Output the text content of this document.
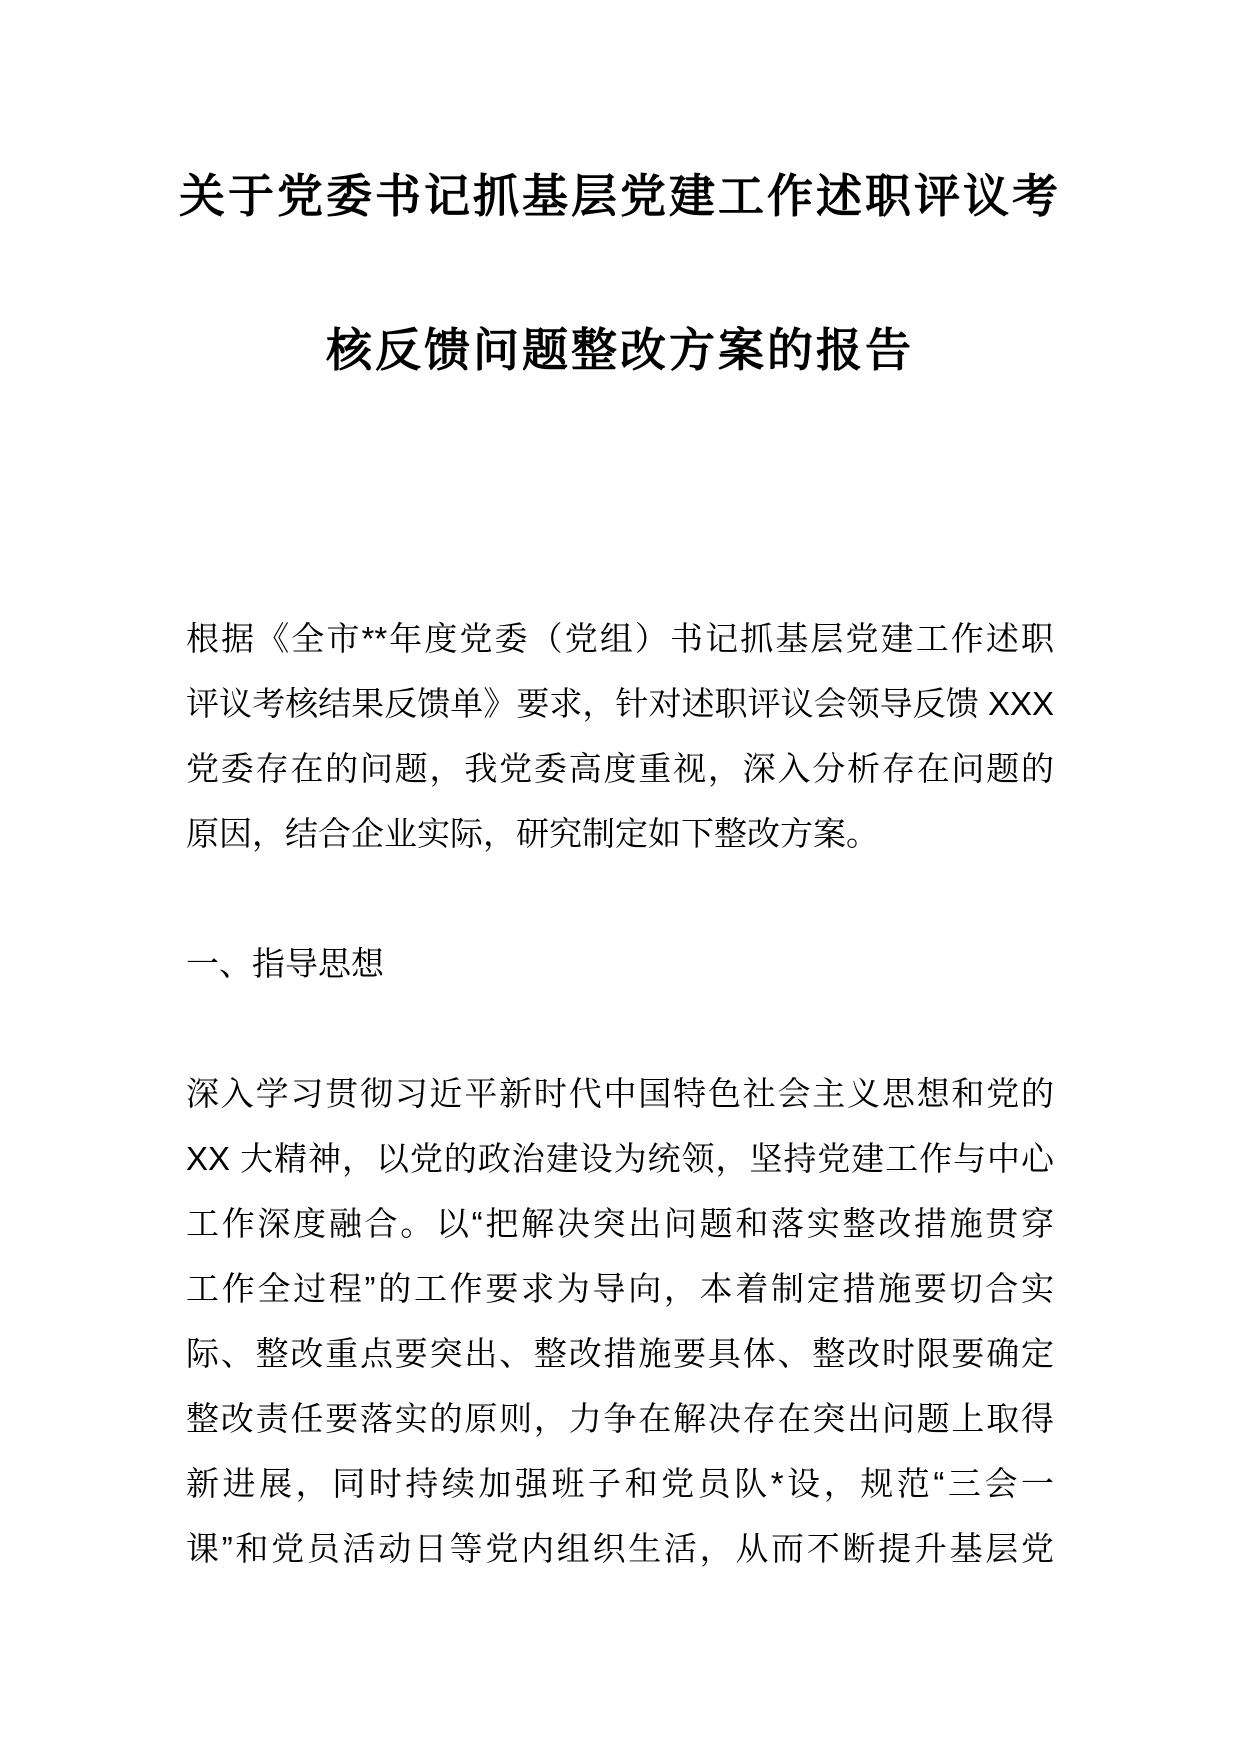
关于党委书记抓基层党建工作述职评议考
核反馈问题整改方案的报告
根据《全市**年度党委（党组）书记抓基层党建工作述职
评议考核结果反馈单》要求，针对述职评议会领导反馈 XXX
党委存在的问题，我党委高度重视，深入分析存在问题的
原因，结合企业实际，研究制定如下整改方案。
一、指导思想
深入学习贯彻习近平新时代中国特色社会主义思想和党的
XX 大精神，以党的政治建设为统领，坚持党建工作与中心
工作深度融合。以“把解决突出问题和落实整改措施贯穿
工作全过程”的工作要求为导向，本着制定措施要切合实
际、整改重点要突出、整改措施要具体、整改时限要确定
整改责任要落实的原则，力争在解决存在突出问题上取得
新进展，同时持续加强班子和党员队*设，规范“三会一
课”和党员活动日等党内组织生活，从而不断提升基层党
